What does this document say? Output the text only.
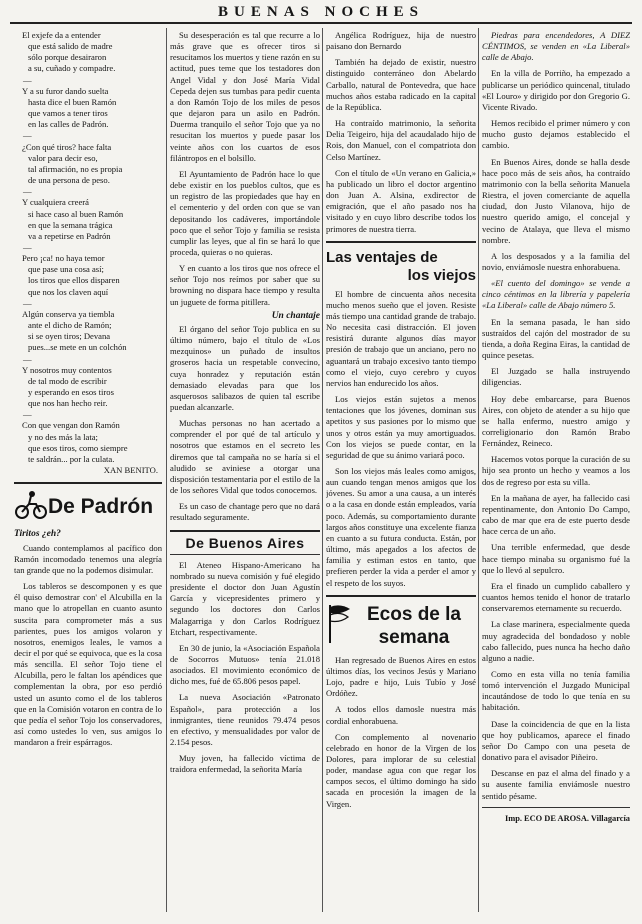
BUENAS NOCHES

El exjefe da a entender

que está salido de madre

sólo porque desairaron

a su, cuñado y compadre.

—

Y a su furor dando suelta

hasta dice el buen Ramón

que vamos a tener tiros

en las calles de Padrón.

—

¿Con qué tiros? hace falta

valor para decir eso,

tal afirmación, no es propia

de una persona de peso.

—

Y cualquiera creerá

si hace caso al buen Ramón

en que la semana trágica

va a repetirse en Padrón

—

Pero ¡ca! no haya temor

que pase una cosa así;

los tiros que ellos disparen

que nos los claven aquí

—

Algún conserva ya tiembla

ante el dicho de Ramón;

si se oyen tiros; Devana

pues...se mete en un colchón

—

Y nosotros muy contentos

de tal modo de escribir

y esperando en esos tiros

que nos han hecho reir.

—

Con que vengan don Ramón

y no des más la lata;

que esos tiros, como siempre

te saldrán... por la culata.

XAN BENITO.

De Padrón
Tiritos ¿eh?

Cuando contemplamos al pacífico don Ramón incomodado tenemos una alegría tan grande que no la podemos disimular.

Los tableros se descomponen y es que él quiso demostrar con' el Alcubilla en la mano que lo atropellan en cuanto asunto suscita para comprometer más a sus parientes, pues los amigos volaron y nosotros, enemigos leales, le vamos a decir el por qué se equivoca, que es la cosa más sencilla. El señor Tojo tiene el Alcubilla, pero le faltan los apéndices que complementan la obra, por eso perdió usted un asunto como el de los tableros que en la Comisión votaron en contra de lo que pedía el señor Tojo los conservadores, así como ustedes lo ven, sus amigos lo mandaron a freir espárragos.

Su desesperación es tal que recurre a lo más grave que es ofrecer tiros si resucitamos los muertos y tiene razón en su actitud, pues teme que los testadores don Angel Vidal y don José María Vidal Cepeda dejen sus tumbas para pedir cuenta a don Ramón Tojo de los miles de pesos que dejaron para un asilo en Padrón. Duerma tranquilo el señor Tojo que ya no resucitan los muertos y puede pasar los veinte años con los cuartos de esos filántropos en el bolsillo.

El Ayuntamiento de Padrón hace lo que debe existir en los pueblos cultos, que es un registro de las propiedades que hay en el cementerio y del orden con que se van depositando los cadáveres, importándole poco que el señor Tojo y familia se resista cumplir las leyes, que al fin se hará lo que proceda, quieras o no quieras.

Y en cuanto a los tiros que nos ofrece el señor Tojo nos reímos por saber que su browning no dispara hace tiempo y resulta un juguete de forma pitillera.

Un chantaje

El órgano del señor Tojo publica en su último número, bajo el título de «Los mezquinos» un puñado de insultos groseros hacia un respetable convecino, cuya honradez y reputación están demasiado elevadas para que los asquerosos salibazos de quien tal escribe puedan alcanzarle.

Muchas personas no han acertado a comprender el por qué de tal artículo y nosotros que estamos en el secreto les diremos que tal campaña no se haría si el aludido se aviniese a otorgar una disposición testamentaria por el estilo de la de los señores Vidal que todos conocemos.

Es un caso de chantage pero que no dará resultado seguramente.

De Buenos Aires

El Ateneo Hispano-Americano ha nombrado su nueva comisión y fué elegido presidente el doctor don Juan Agustín García y vicepresidentes primero y segundo los doctores don Carlos Malagarriga y don Carlos Rodríguez Etchart, respectivamente.

En 30 de junio, la «Asociación Española de Socorros Mutuos» tenía 21.018 asociados. El movimiento económico de dicho mes, fué de 65.806 pesos papel.

La nueva Asociación «Patronato Español», para protección a los inmigrantes, tiene reunidos 79.474 pesos en efectivo, y mensualidades por valor de 2.154 pesos.

Muy joven, ha fallecido víctima de traidora enfermedad, la señorita María

Angélica Rodríguez, hija de nuestro paisano don Bernardo

También ha dejado de existir, nuestro distinguido conterráneo don Abelardo Carballo, natural de Pontevedra, que hace muchos años estaba radicado en la capital de la República.

Ha contraído matrimonio, la señorita Delia Teigeiro, hija del acaudalado hijo de Rois, don Manuel, con el compatriota don Celso Martínez.

Con el título de «Un verano en Galicia,» ha publicado un libro el doctor argentino don Juan A. Alsina, exdirector de emigración, que el año pasado nos ha visitado y en cuyo libro describe todos los primores de nuestra tierra.

Las ventajes de
los viejos

El hombre de cincuenta años necesita mucho menos sueño que el joven. Resiste más tiempo una cantidad grande de trabajo. No necesita casi distracción. El joven resistirá durante algunos días mayor presión de trabajo que un anciano, pero no aguantará un trabajo excesivo tanto tiempo como el viejo, cuyo cerebro y cuyos nervios han endurecido los años.

Los viejos están sujetos a menos tentaciones que los jóvenes, dominan sus apetitos y sus pasiones por lo mismo que unos y otros están ya muy amortiguados. Con los viejos se puede contar, en la seguridad de que su ánimo variará poco.

Son los viejos más leales como amigos, aun cuando tengan menos amigos que los jóvenes. Su amor a una causa, a un interés o a la casa en donde están empleados, varía poco. Además, su comportamiento durante largos años constituye una excelente fianza en cuanto a su futura conducta. Están, por último, más apegados a los afectos de familia y estiman estos en tanto, que prefieren perder la vida a perder el amor y el respeto de los suyos.

Ecos de la
semana

Han regresado de Buenos Aires en estos últimos días, los vecinos Jesús y Mariano Lojo, padre e hijo, Luis Tubío y José Ordóñez.

A todos ellos damosle nuestra más cordial enhorabuena.

Con complemento al novenario celebrado en honor de la Virgen de los Dolores, para implorar de su celestial poder, mandase agua con que regar los campos secos, el último domingo ha sido sacada en procesión la imagen de la Virgen.

Piedras para encendedores, A DIEZ CÉNTIMOS, se venden en «La Liberal» calle de Abajo.

En la villa de Porriño, ha empezado a publicarse un periódico quincenal, titulado «El Louro» y dirigido por don Gregorio G. Vicente Rivado.

Hemos recibido el primer número y con mucho gusto dejamos establecido el cambio.

En Buenos Aires, donde se halla desde hace poco más de seis años, ha contraído matrimonio con la bella señorita Manuela Riestra, el joven comerciante de aquella ciudad, don Justo Vilanova, hijo de nuestro querido amigo, el concejal y vecino de Atalaya, que lleva el mismo nombre.

A los desposados y a la familia del novio, enviámosle nuestra enhorabuena.

«El cuento del domingo» se vende a cinco céntimos en la librería y papelería «La Liberal» calle de Abajo número 5.

En la semana pasada, le han sido sustraídos del cajón del mostrador de su tienda, a doña Regina Eiras, la cantidad de quince pesetas.

El Juzgado se halla instruyendo diligencias.

Hoy debe embarcarse, para Buenos Aires, con objeto de atender a su hijo que se halla enfermo, nuestro amigo y correligionario don Ramón Brabo Fernández, Reineco.

Hacemos votos porque la curación de su hijo sea pronto un hecho y veamos a los dos de regreso por esta su villa.

En la mañana de ayer, ha fallecido casi repentinamente, don Antonio Do Campo, cabo de mar que era de este puerto desde hace cerca de un año.

Una terrible enfermedad, que desde hace tiempo minaba su organismo fué la que lo llevó al sepulcro.

Era el finado un cumplido caballero y cuantos hemos tenido el honor de tratarlo conservaremos eternamente su recuerdo.

La clase marinera, especialmente queda muy agradecida del bondadoso y noble cabo fallecido, pues nunca ha hecho daño alguno a nadie.

Como en esta villa no tenía familia tomó intervención el Juzgado Municipal incautándose de todo lo que tenía en su habitación.

Dase la coincidencia de que en la lista que hoy publicamos, aparece el finado señor Do Campo con una peseta de donativo para el avisador Piñeiro.

Descanse en paz el alma del finado y a su ausente familia enviámosle nuestro sentido pésame.

Imp. ECO DE AROSA. Villagarcía
